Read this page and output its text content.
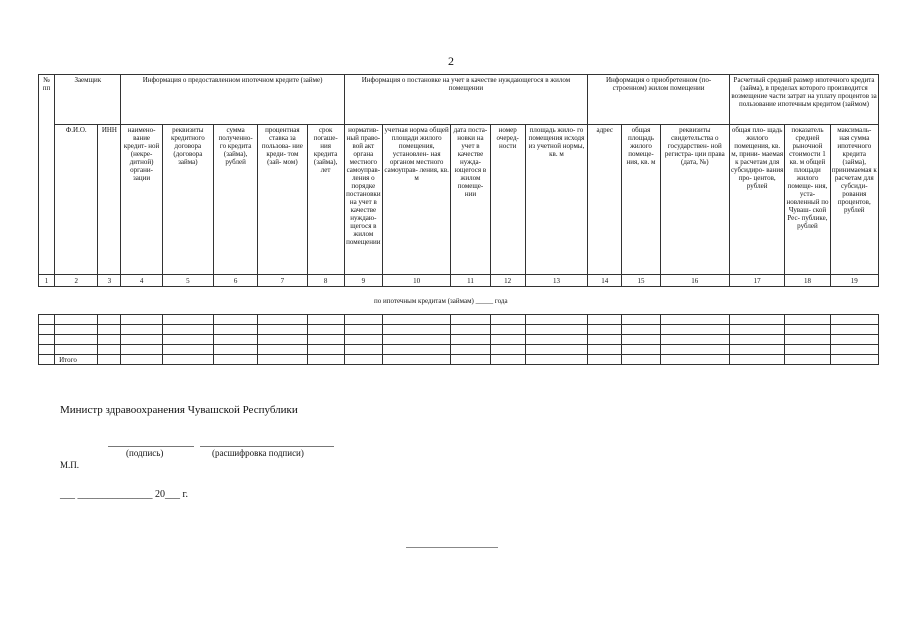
2
№ пп	Заемщик		Информация о предоставленном ипотечном кредите (займе)					Информация о постановке на учет в качестве нуждающегося в жилом помещении					Информация о приобретенном (по- строенном) жилом помещении			Расчетный средний размер ипотечного кредита (займа), в пределах которого производится возмещение части затрат на уплату процентов за пользование ипотечным кредитом (займом)		
	Ф.И.О.	ИНН	наимено- вание кредит- ной (некре- дитной) органи- зации	реквизиты кредитного договора (договора займа)	сумма полученно- го кредита (займа), рублей	процентная ставка за пользова- ние креди- том (зай- мом)	срок погаше- ния кредита (займа), лет	норматив- ный право- вой акт органа местного самоуправ- ления о порядке постановки на учет в качестве нуждаю- щегося в жилом помещении	учетная норма общей площади жилого помещения, установлен- ная органом местного самоуправ- ления, кв. м	дата поста- новки на учет в качестве нужда- ющегося в жилом помеще- нии	номер очеред- ности	площадь жило- го помещения исходя из учетной нормы, кв. м	адрес	общая площадь жилого помеще- ния, кв. м	реквизиты свидетельства о государствен- ной регистра- ции права (дата, №)	общая пло- щадь жилого помещения, кв. м, прини- маемая к расчетам для субсидиро- вания про- центов, рублей	показатель средней рыночной стоимости 1 кв. м общей площади жилого помеще- ния, уста- новленный по Чуваш- ской Рес- публике, рублей	максималь- ная сумма ипотечного кредита (займа), принимаемая к расчетам для субсиди- рования процентов, рублей
1	2	3	4	5	6	7	8	9	10	11	12	13	14	15	16	17	18	19
по ипотечным кредитам (займам) _____ года

	Итого																	
Министр здравоохранения Чувашской Республики
(подпись)	(расшифровка подписи)
М.П.
___ _______________ 20___ г.
